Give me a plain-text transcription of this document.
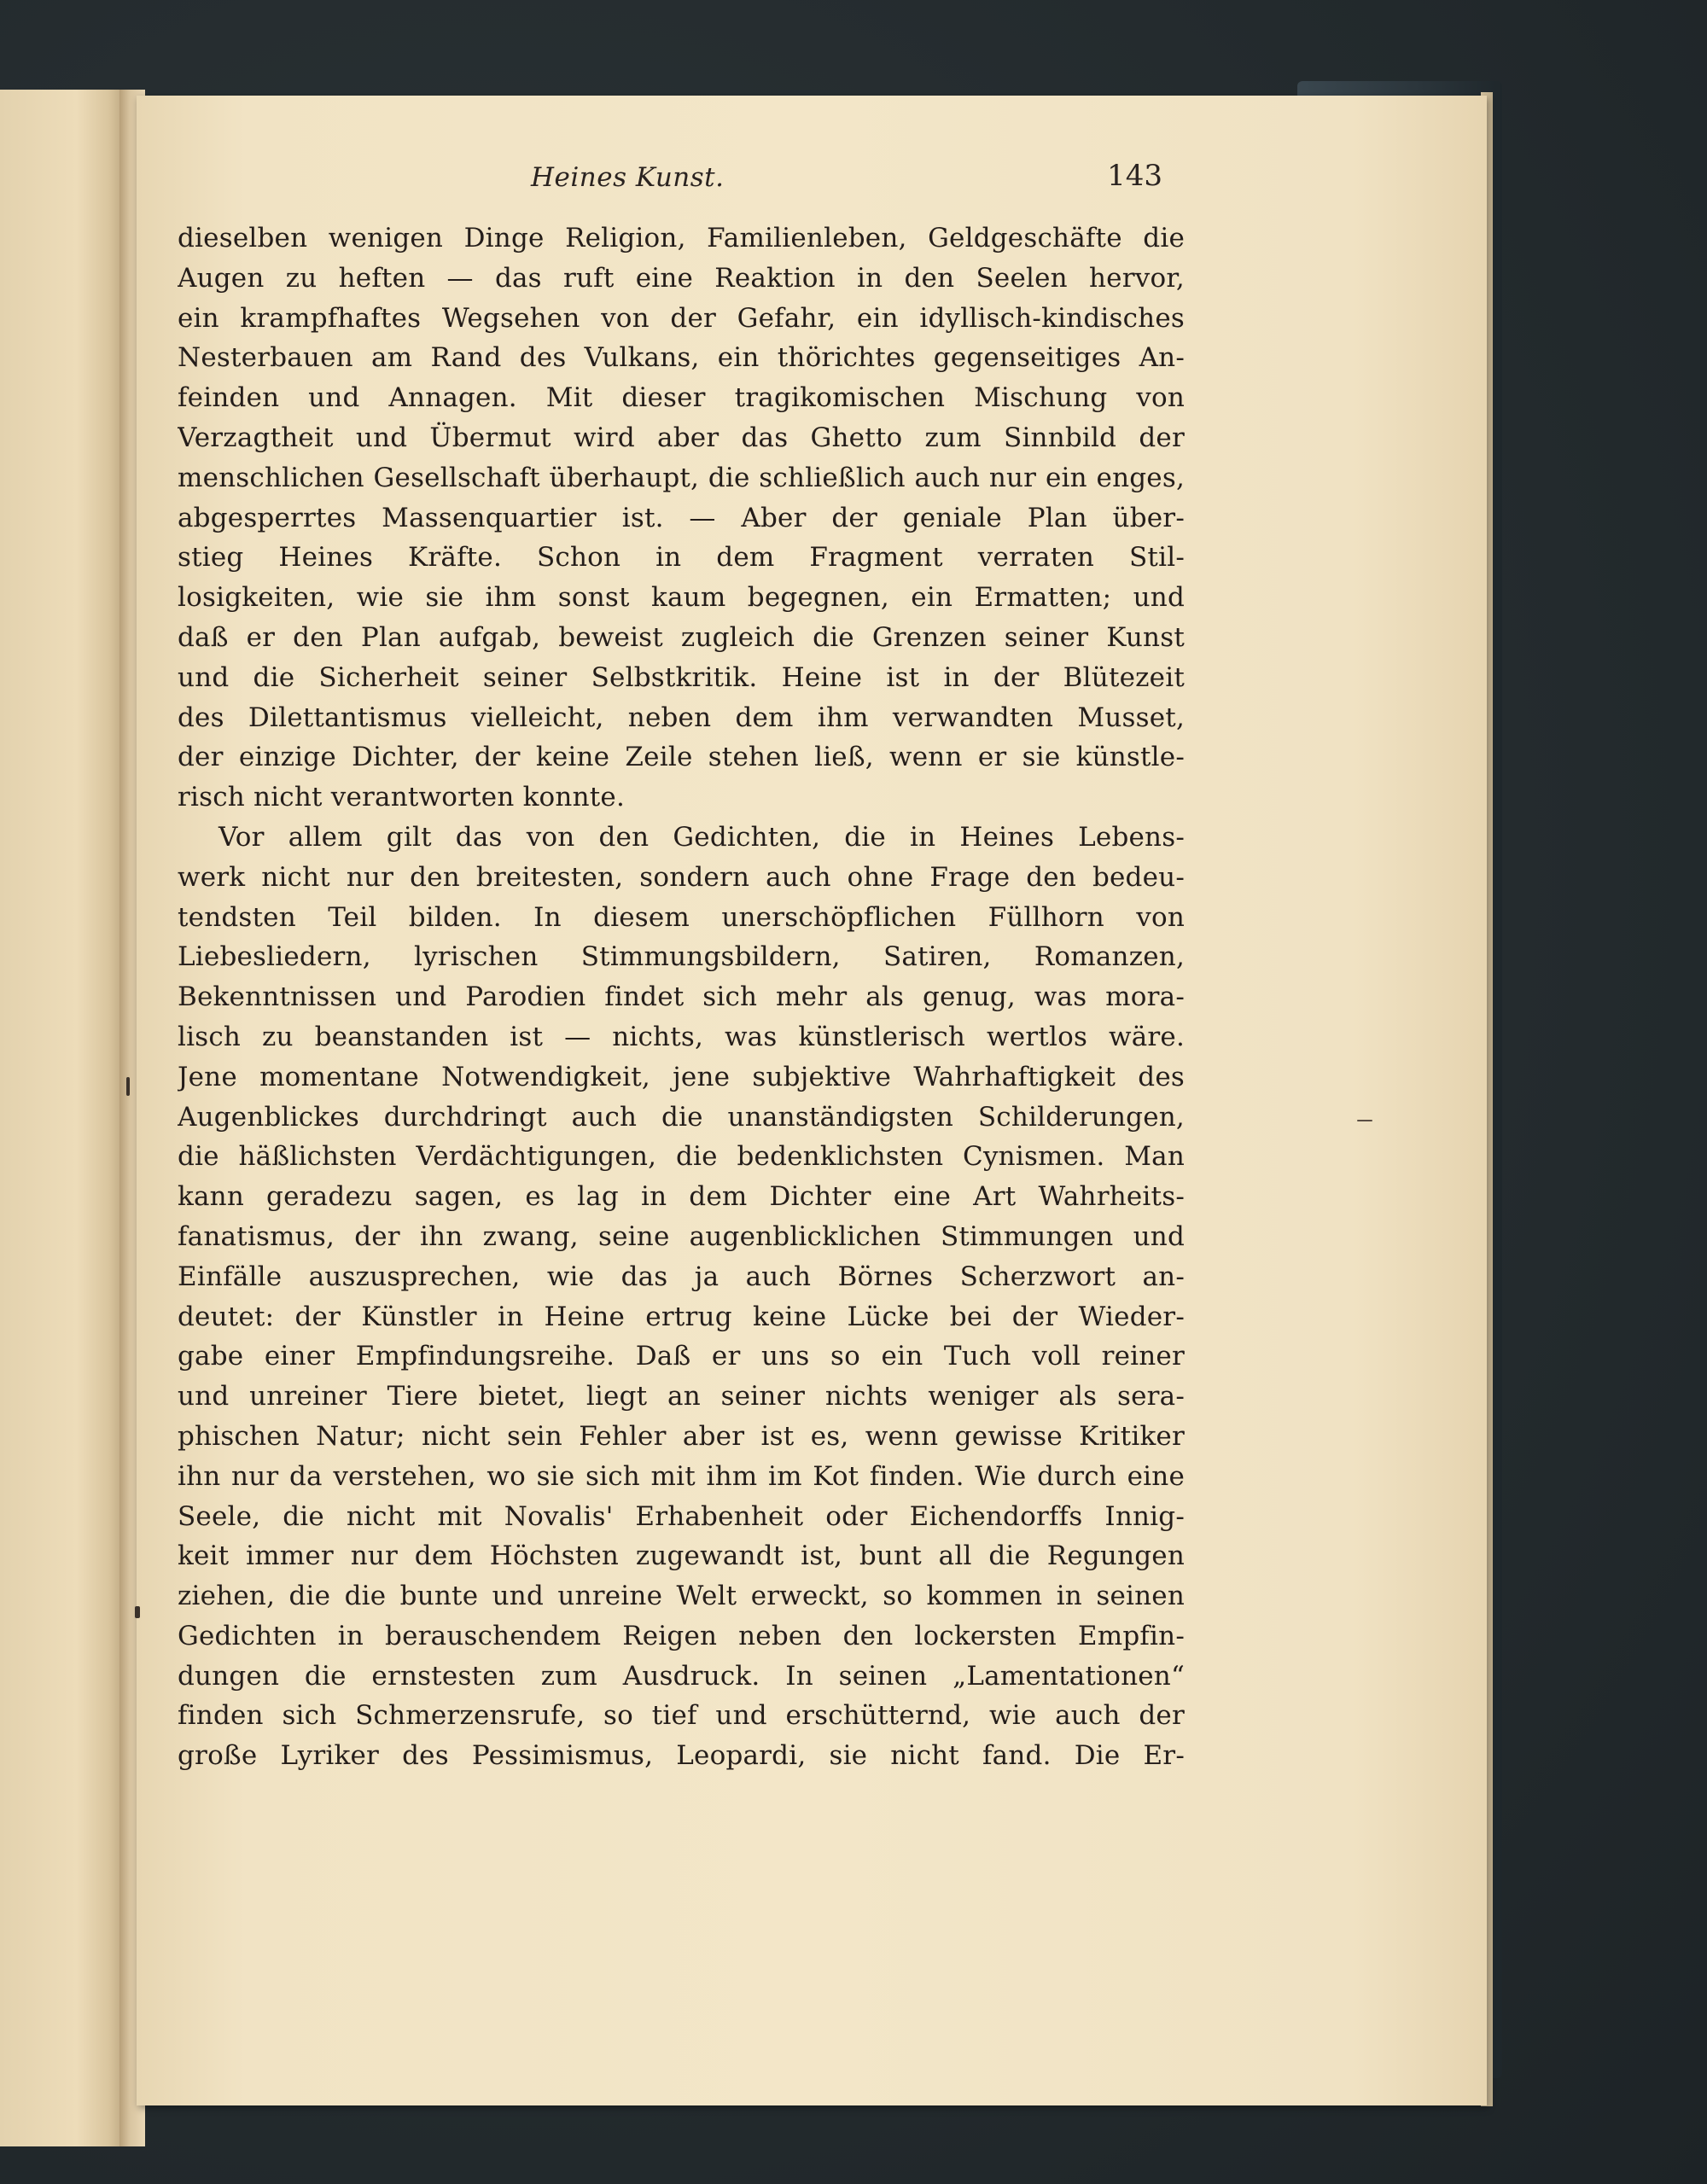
Heines Kunst.	143
dieselben wenigen Dinge Religion, Familienleben, Geldgeschäfte die
Augen zu heften — das ruft eine Reaktion in den Seelen hervor,
ein krampfhaftes Wegsehen von der Gefahr, ein idyllisch-kindisches
Nesterbauen am Rand des Vulkans, ein thörichtes gegenseitiges An-
feinden und Annagen. Mit dieser tragikomischen Mischung von
Verzagtheit und Übermut wird aber das Ghetto zum Sinnbild der
menschlichen Gesellschaft überhaupt, die schließlich auch nur ein enges,
abgesperrtes Massenquartier ist. — Aber der geniale Plan über-
stieg Heines Kräfte. Schon in dem Fragment verraten Stil-
losigkeiten, wie sie ihm sonst kaum begegnen, ein Ermatten; und
daß er den Plan aufgab, beweist zugleich die Grenzen seiner Kunst
und die Sicherheit seiner Selbstkritik. Heine ist in der Blütezeit
des Dilettantismus vielleicht, neben dem ihm verwandten Musset,
der einzige Dichter, der keine Zeile stehen ließ, wenn er sie künstle-
risch nicht verantworten konnte.
Vor allem gilt das von den Gedichten, die in Heines Lebens-
werk nicht nur den breitesten, sondern auch ohne Frage den bedeu-
tendsten Teil bilden. In diesem unerschöpflichen Füllhorn von
Liebesliedern, lyrischen Stimmungsbildern, Satiren, Romanzen,
Bekenntnissen und Parodien findet sich mehr als genug, was mora-
lisch zu beanstanden ist — nichts, was künstlerisch wertlos wäre.
Jene momentane Notwendigkeit, jene subjektive Wahrhaftigkeit des
Augenblickes durchdringt auch die unanständigsten Schilderungen,
die häßlichsten Verdächtigungen, die bedenklichsten Cynismen. Man
kann geradezu sagen, es lag in dem Dichter eine Art Wahrheits-
fanatismus, der ihn zwang, seine augenblicklichen Stimmungen und
Einfälle auszusprechen, wie das ja auch Börnes Scherzwort an-
deutet: der Künstler in Heine ertrug keine Lücke bei der Wieder-
gabe einer Empfindungsreihe. Daß er uns so ein Tuch voll reiner
und unreiner Tiere bietet, liegt an seiner nichts weniger als sera-
phischen Natur; nicht sein Fehler aber ist es, wenn gewisse Kritiker
ihn nur da verstehen, wo sie sich mit ihm im Kot finden. Wie durch eine
Seele, die nicht mit Novalis' Erhabenheit oder Eichendorffs Innig-
keit immer nur dem Höchsten zugewandt ist, bunt all die Regungen
ziehen, die die bunte und unreine Welt erweckt, so kommen in seinen
Gedichten in berauschendem Reigen neben den lockersten Empfin-
dungen die ernstesten zum Ausdruck. In seinen „Lamentationen“
finden sich Schmerzensrufe, so tief und erschütternd, wie auch der
große Lyriker des Pessimismus, Leopardi, sie nicht fand. Die Er-
